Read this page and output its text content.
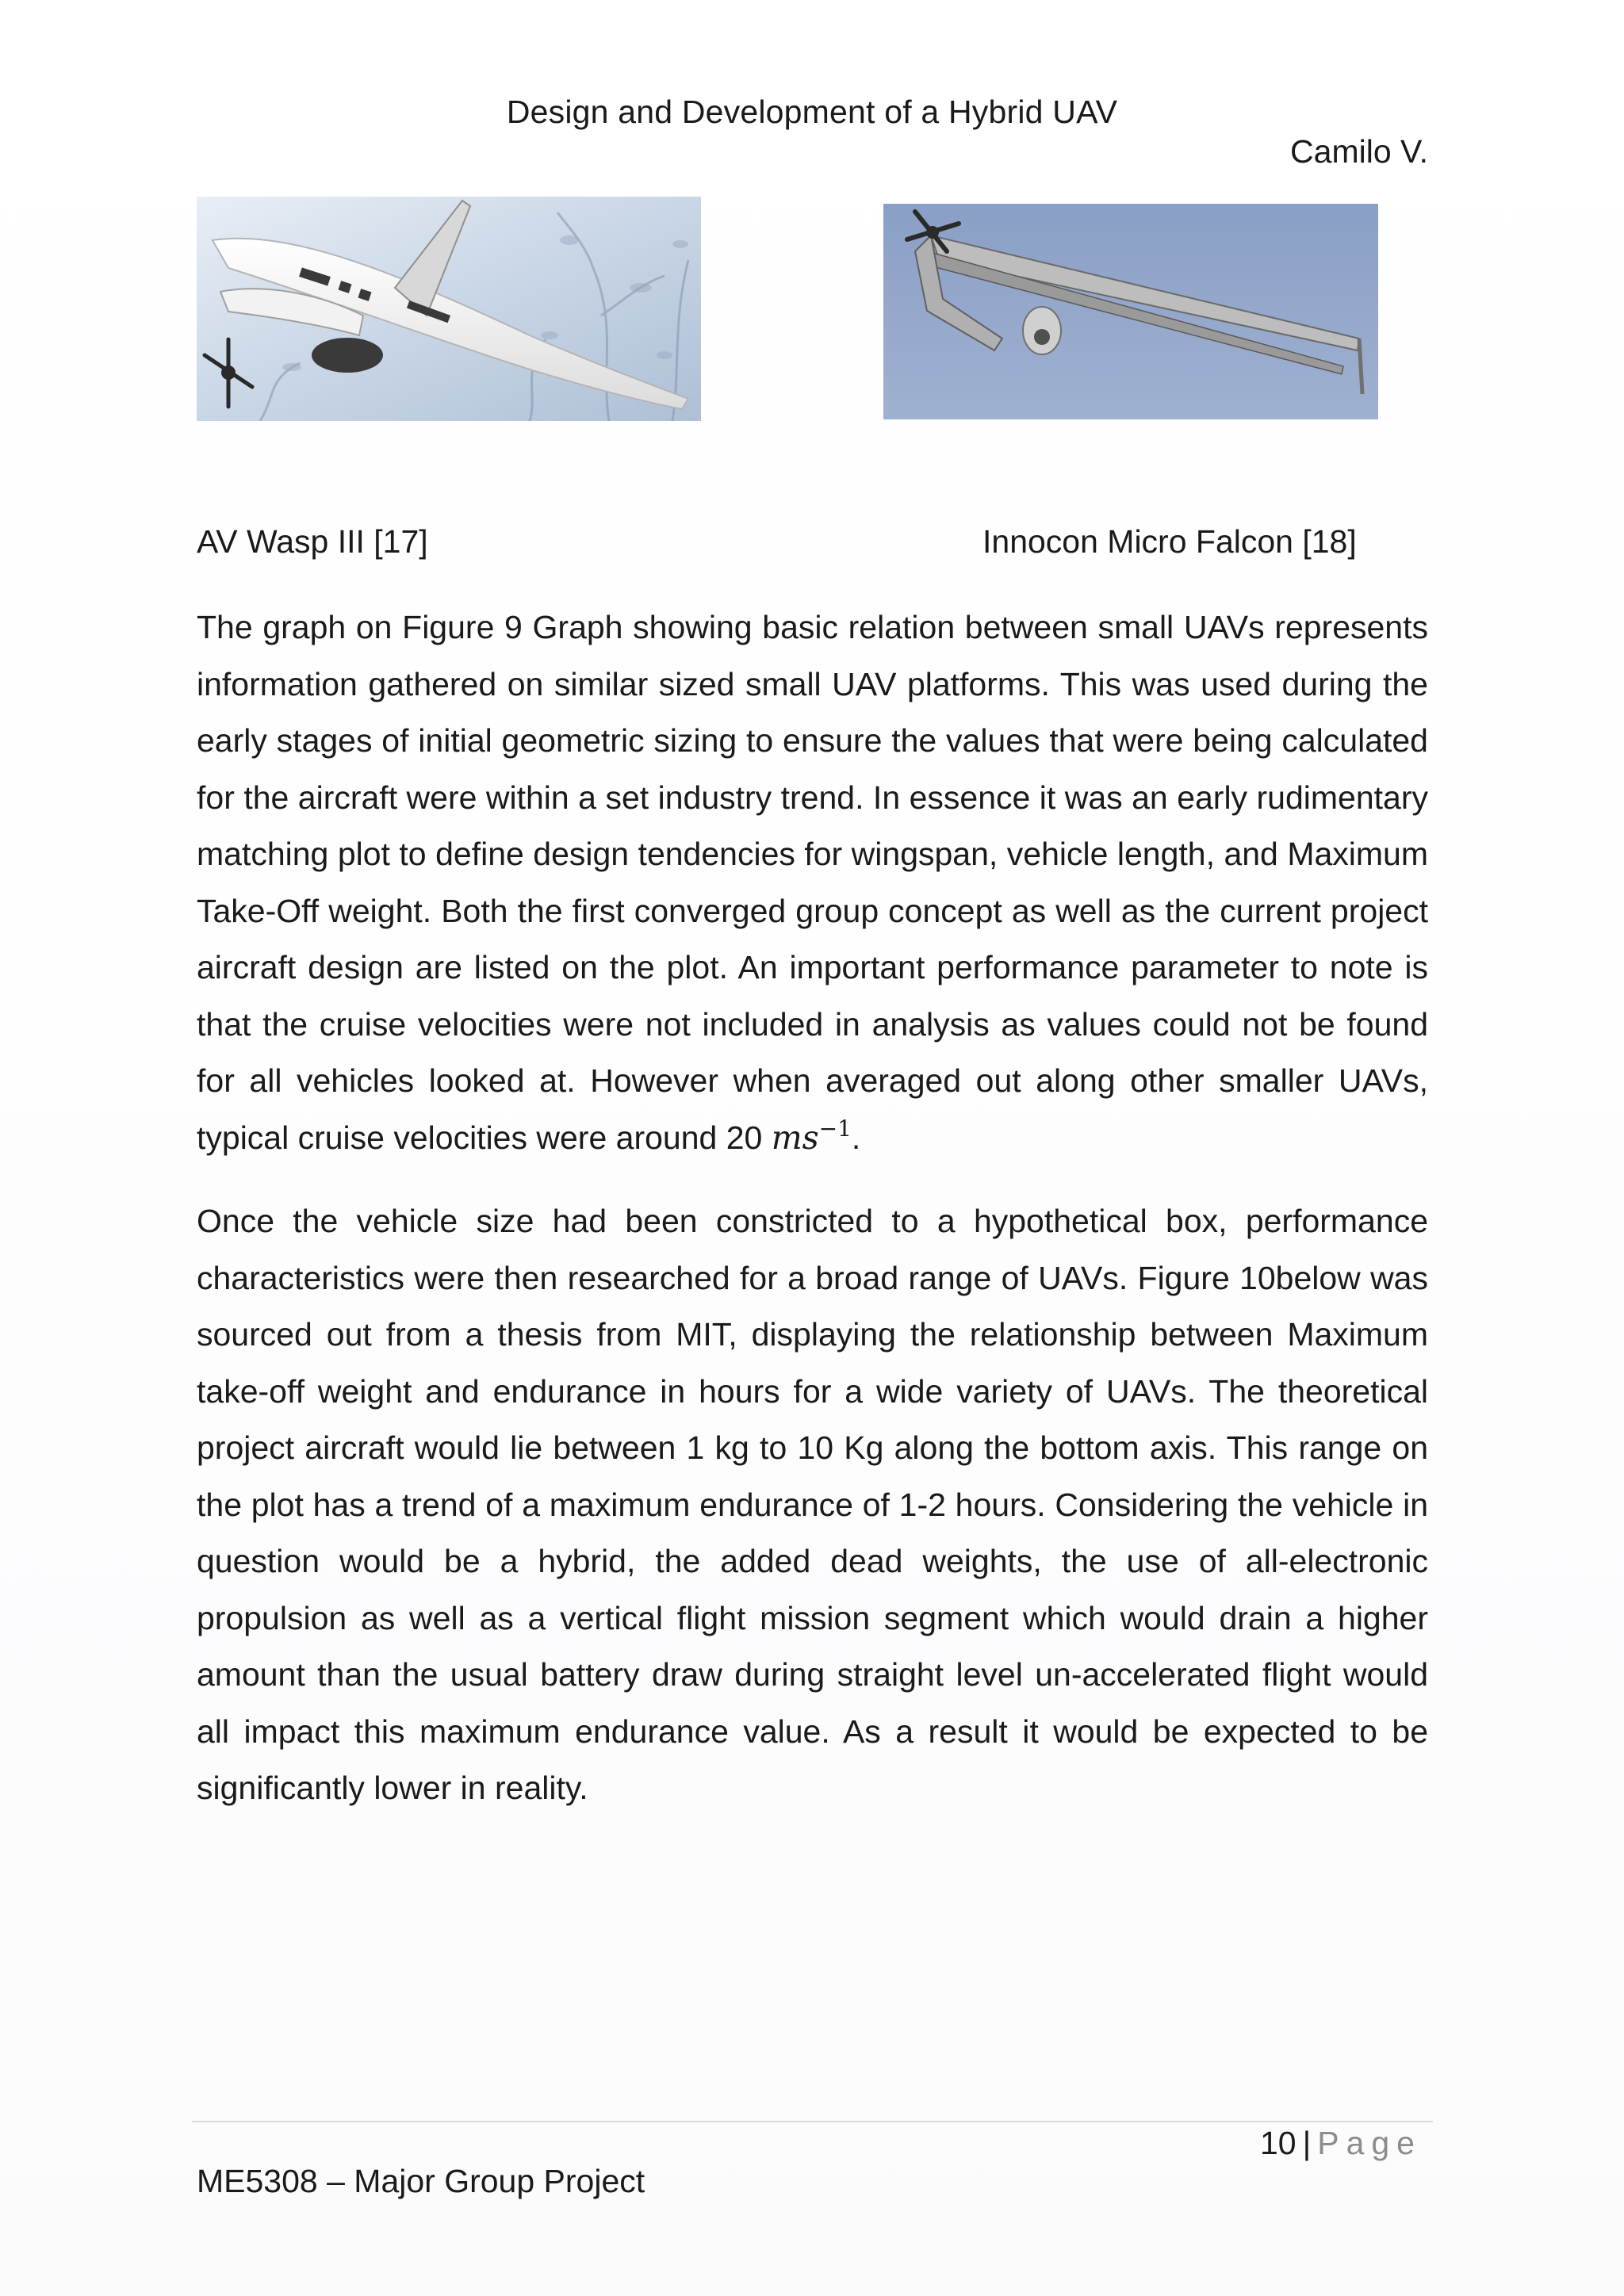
Design and Development of a Hybrid UAV
Camilo V.
AV Wasp III [17]	Innocon Micro Falcon [18]

The graph on Figure 9 Graph showing basic relation between small UAVs represents information gathered on similar sized small UAV platforms. This was used during the early stages of initial geometric sizing to ensure the values that were being calculated for the aircraft were within a set industry trend. In essence it was an early rudimentary matching plot to define design tendencies for wingspan, vehicle length, and Maximum Take-Off weight. Both the first converged group concept as well as the current project aircraft design are listed on the plot. An important performance parameter to note is that the cruise velocities were not included in analysis as values could not be found for all vehicles looked at. However when averaged out along other smaller UAVs, typical cruise velocities were around 20 $ms^{-1}$.

Once the vehicle size had been constricted to a hypothetical box, performance characteristics were then researched for a broad range of UAVs. Figure 10below was sourced out from a thesis from MIT, displaying the relationship between Maximum take-off weight and endurance in hours for a wide variety of UAVs. The theoretical project aircraft would lie between 1 kg to 10 Kg along the bottom axis. This range on the plot has a trend of a maximum endurance of 1-2 hours. Considering the vehicle in question would be a hybrid, the added dead weights, the use of all-electronic propulsion as well as a vertical flight mission segment which would drain a higher amount than the usual battery draw during straight level un-accelerated flight would all impact this maximum endurance value. As a result it would be expected to be significantly lower in reality.

10 | Page
ME5308 – Major Group Project
